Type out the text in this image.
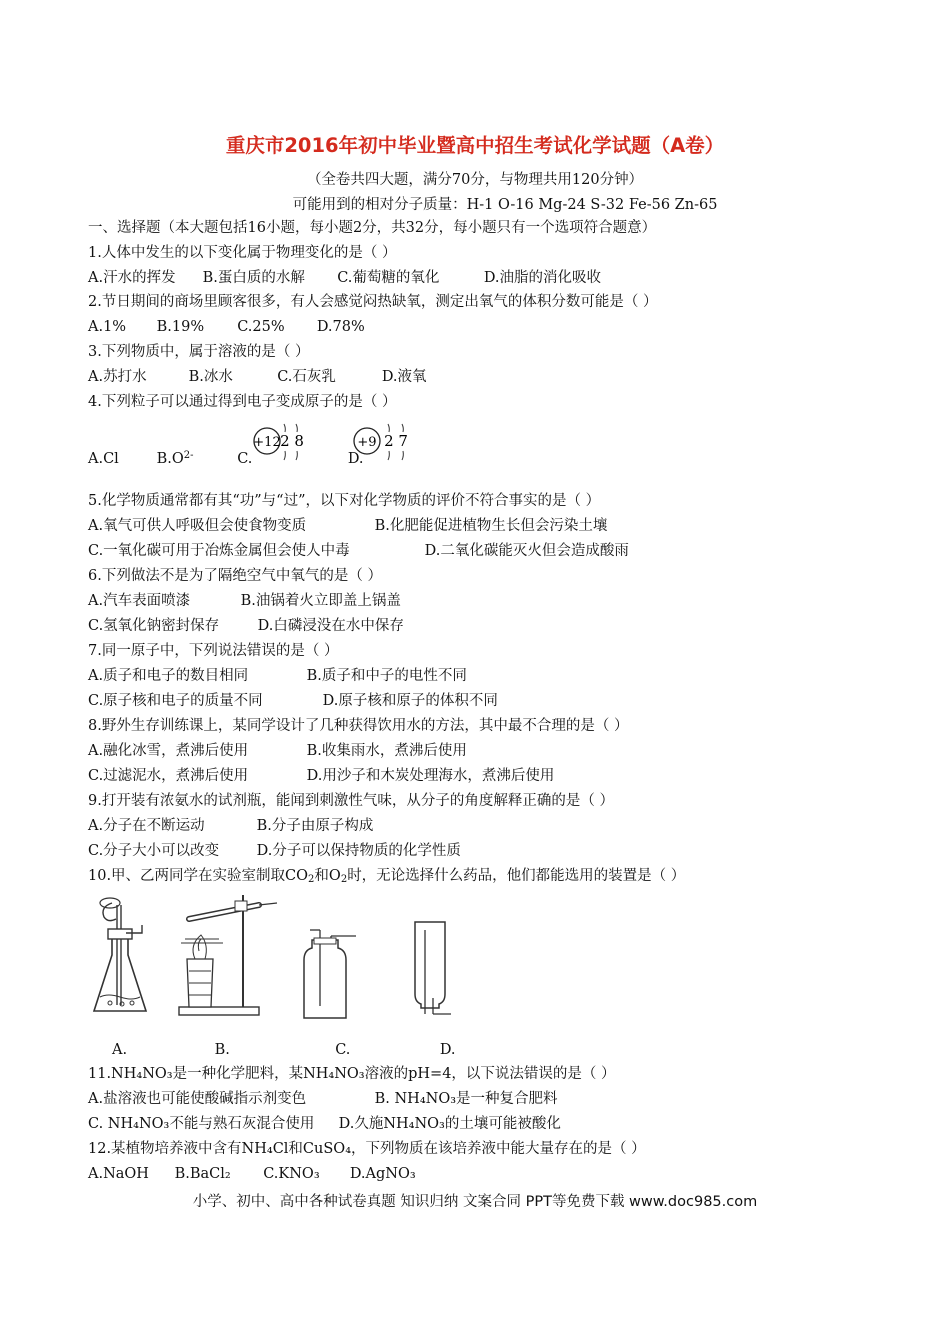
重庆市2016年初中毕业暨高中招生考试化学试题（A卷）
（全卷共四大题，满分70分，与物理共用120分钟）
可能用到的相对分子质量：H-1 O-16 Mg-24 S-32 Fe-56 Zn-65
一、选择题（本大题包括16小题，每小题2分，共32分，每小题只有一个选项符合题意）
1.人体中发生的以下变化属于物理变化的是（ ）
A.汗水的挥发 B.蛋白质的水解 C.葡萄糖的氧化	D.油脂的消化吸收
2.节日期间的商场里顾客很多，有人会感觉闷热缺氧，测定出氧气的体积分数可能是（ ）
A.1% B.19% C.25% D.78%
3.下列物质中，属于溶液的是（ ）
A.苏打水	B.冰水	C.石灰乳	D.液氧
4.下列粒子可以通过得到电子变成原子的是（ ）
A.Cl	$B.O^{2-}$	C.	D.
+12 2 8	+9 2 7
5.化学物质通常都有其“功”与“过”，以下对化学物质的评价不符合事实的是（ ）
A.氧气可供人呼吸但会使食物变质	B.化肥能促进植物生长但会污染土壤
C.一氧化碳可用于冶炼金属但会使人中毒	D.二氧化碳能灭火但会造成酸雨
6.下列做法不是为了隔绝空气中氧气的是（ ）
A.汽车表面喷漆	B.油锅着火立即盖上锅盖
C.氢氧化钠密封保存	D.白磷浸没在水中保存
7.同一原子中，下列说法错误的是（ ）
A.质子和电子的数目相同	B.质子和中子的电性不同
C.原子核和电子的质量不同	D.原子核和原子的体积不同
8.野外生存训练课上，某同学设计了几种获得饮用水的方法，其中最不合理的是（ ）
A.融化冰雪，煮沸后使用	B.收集雨水，煮沸后使用
C.过滤泥水，煮沸后使用	D.用沙子和木炭处理海水，煮沸后使用
9.打开装有浓氨水的试剂瓶，能闻到刺激性气味，从分子的角度解释正确的是（ ）
A.分子在不断运动	B.分子由原子构成
C.分子大小可以改变	D.分子可以保持物质的化学性质
10.甲、乙两同学在实验室制取$CO_2$和$O_2$时，无论选择什么药品，他们都能选用的装置是（ ）
A.	B.	C.	D.
11.NH₄NO₃是一种化学肥料，某NH₄NO₃溶液的pH=4，以下说法错误的是（ ）
A.盐溶液也可能使酸碱指示剂变色	B. NH₄NO₃是一种复合肥料
C. NH₄NO₃不能与熟石灰混合使用 D.久施NH₄NO₃的土壤可能被酸化
12.某植物培养液中含有NH₄Cl和CuSO₄，下列物质在该培养液中能大量存在的是（ ）
A.NaOH B.BaCl₂ C.KNO₃ D.AgNO₃
小学、初中、高中各种试卷真题 知识归纳 文案合同 PPT等免费下载 www.doc985.com
